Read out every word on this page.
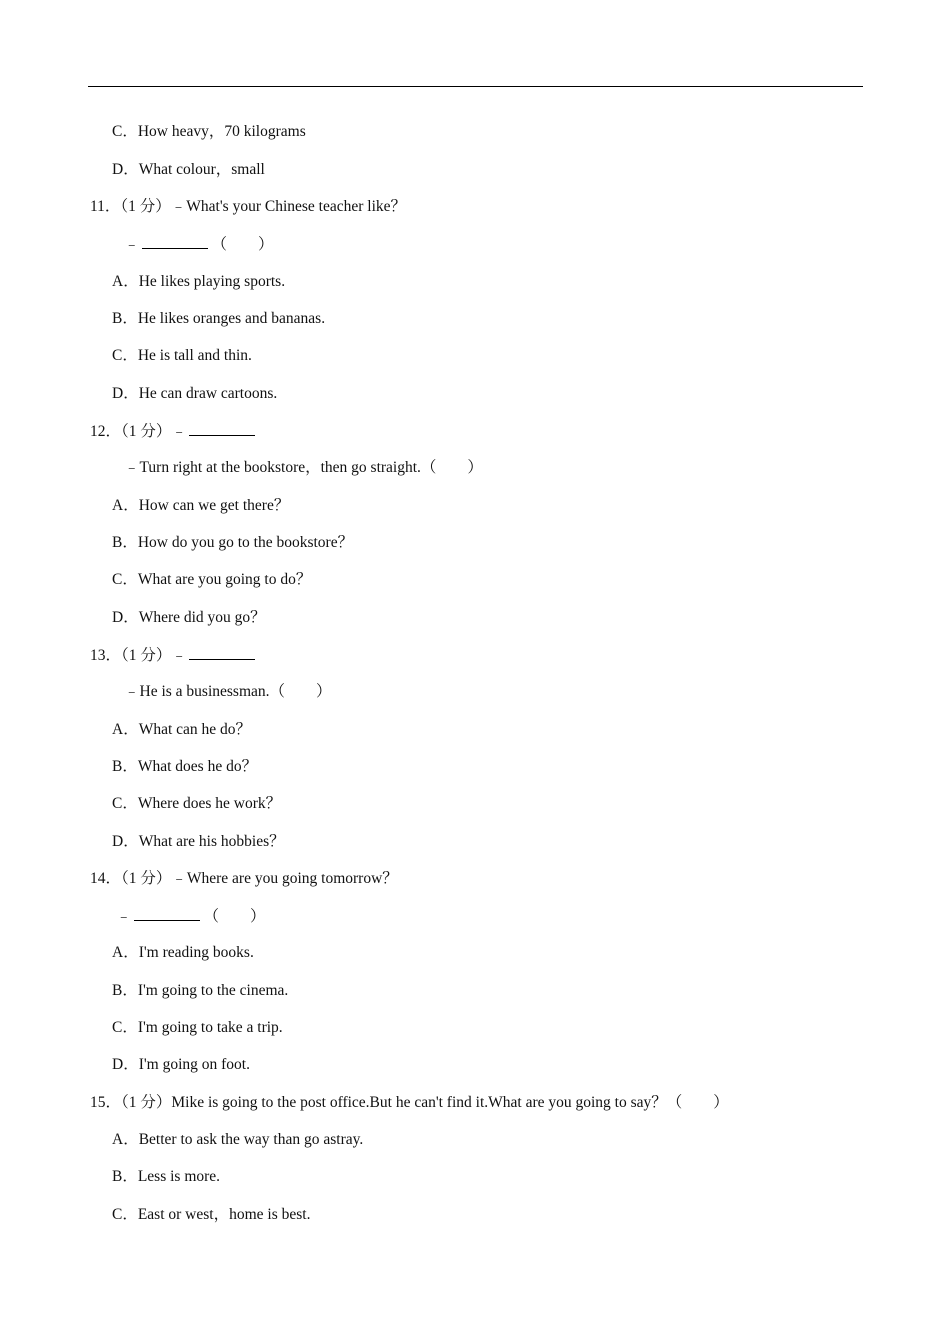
C．How heavy，70 kilograms
D．What colour，small
11．（1 分）﹣What's your Chinese teacher like？
﹣	（　　）
A．He likes playing sports.
B．He likes oranges and bananas.
C．He is tall and thin.
D．He can draw cartoons.
12．（1 分）﹣
﹣Turn right at the bookstore，then go straight.（　　）
A．How can we get there？
B．How do you go to the bookstore？
C．What are you going to do？
D．Where did you go？
13．（1 分）﹣
﹣He is a businessman.（　　）
A．What can he do？
B．What does he do？
C．Where does he work？
D．What are his hobbies？
14．（1 分）﹣Where are you going tomorrow？
﹣	（　　）
A．I'm reading books.
B．I'm going to the cinema.
C．I'm going to take a trip.
D．I'm going on foot.
15．（1 分）Mike is going to the post office.But he can't find it.What are you going to say？（　　）
A．Better to ask the way than go astray.
B．Less is more.
C．East or west，home is best.
